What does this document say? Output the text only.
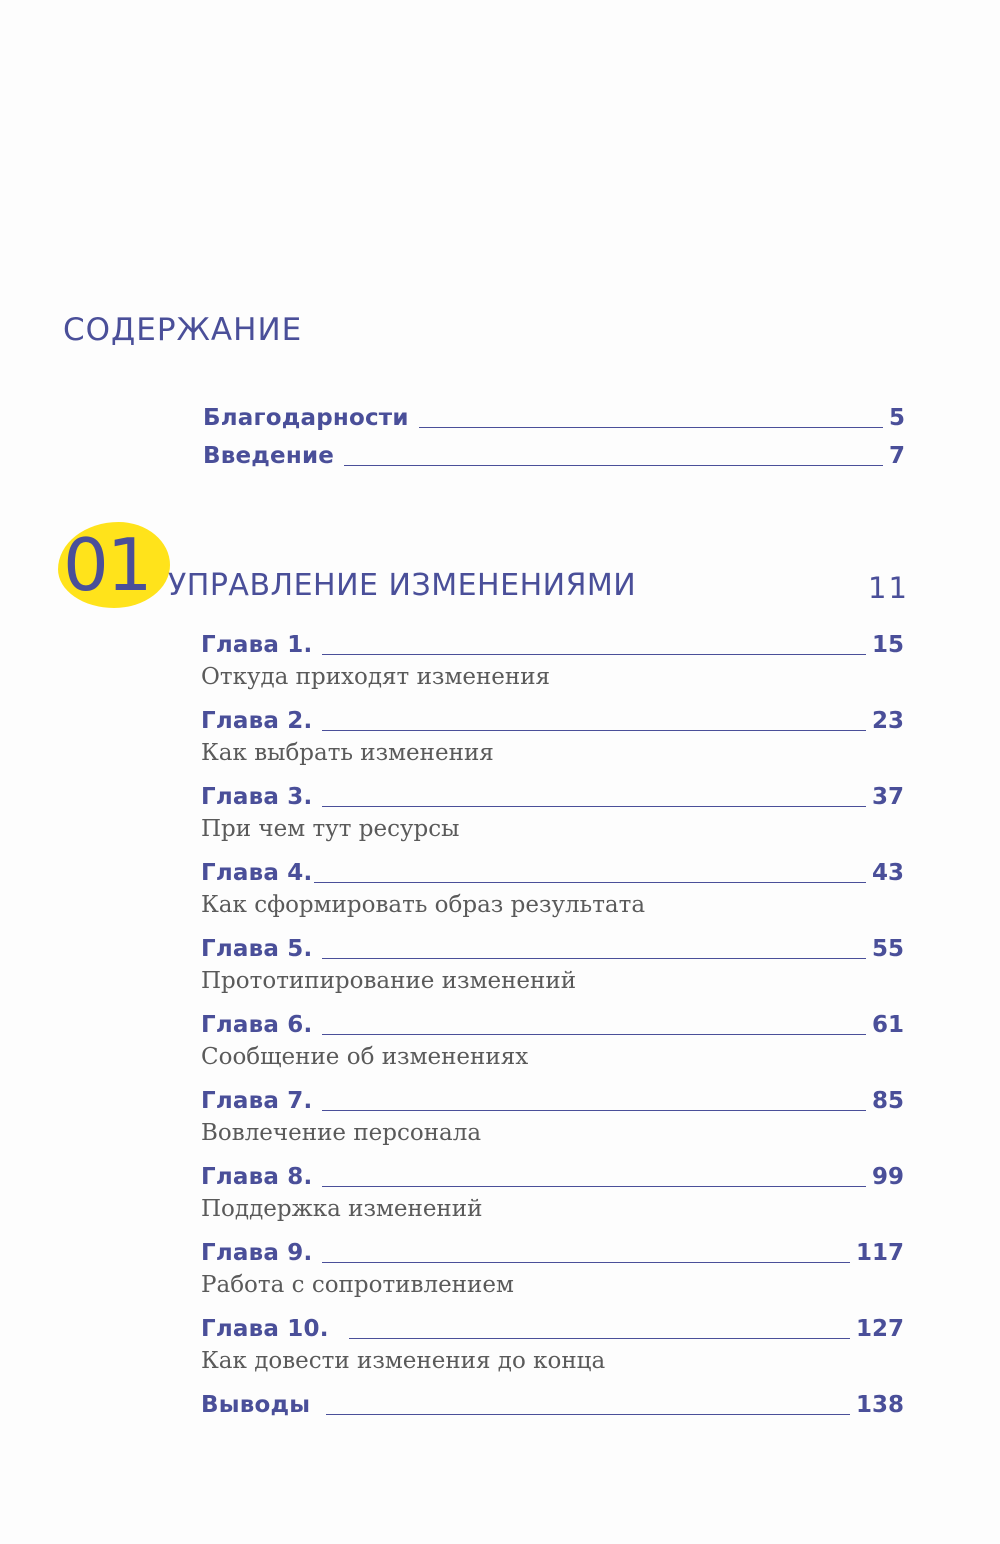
СОДЕРЖАНИЕ
Благодарности	5
Введение	7
01 УПРАВЛЕНИЕ ИЗМЕНЕНИЯМИ	11
Глава 1.	15
Откуда приходят изменения
Глава 2.	23
Как выбрать изменения
Глава 3.	37
При чем тут ресурсы
Глава 4.	43
Как сформировать образ результата
Глава 5.	55
Прототипирование изменений
Глава 6.	61
Сообщение об изменениях
Глава 7.	85
Вовлечение персонала
Глава 8.	99
Поддержка изменений
Глава 9.	117
Работа с сопротивлением
Глава 10.	127
Как довести изменения до конца
Выводы	138
